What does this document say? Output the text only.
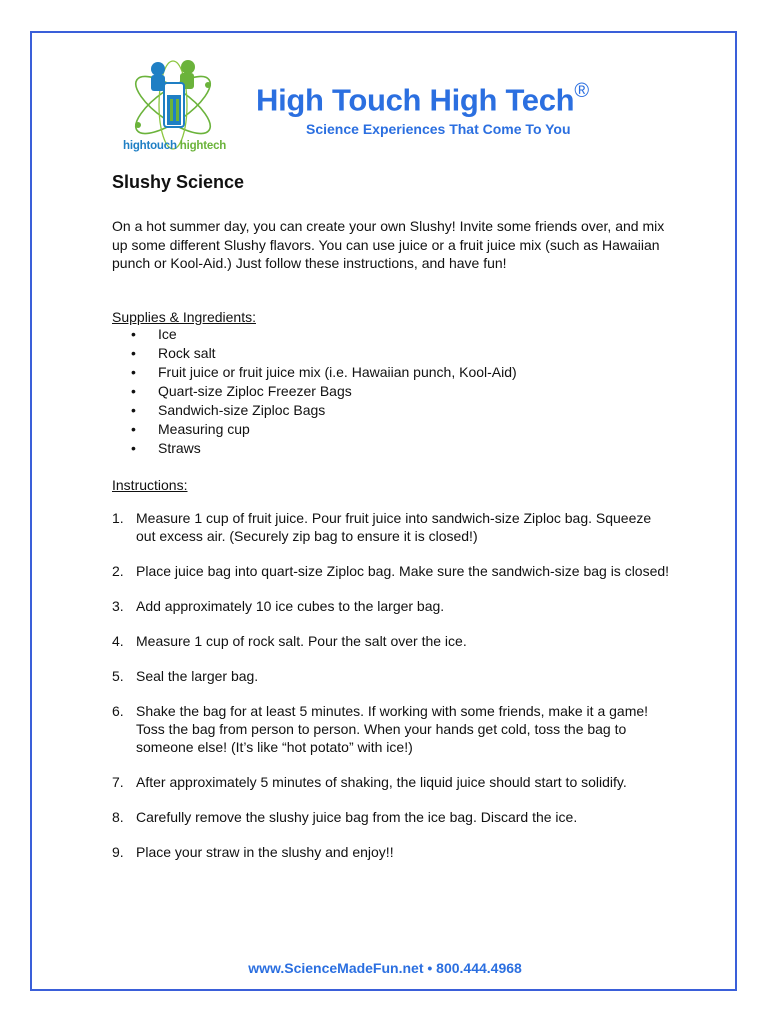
hightouch hightech
High Touch High Tech®
Science Experiences That Come To You
Slushy Science
On a hot summer day, you can create your own Slushy! Invite some friends over, and mix up some different Slushy flavors. You can use juice or a fruit juice mix (such as Hawaiian punch or Kool-Aid.) Just follow these instructions, and have fun!
Supplies & Ingredients:
• Ice
• Rock salt
• Fruit juice or fruit juice mix (i.e. Hawaiian punch, Kool-Aid)
• Quart-size Ziploc Freezer Bags
• Sandwich-size Ziploc Bags
• Measuring cup
• Straws
Instructions:
1. Measure 1 cup of fruit juice. Pour fruit juice into sandwich-size Ziploc bag. Squeeze out excess air. (Securely zip bag to ensure it is closed!)
2. Place juice bag into quart-size Ziploc bag. Make sure the sandwich-size bag is closed!
3. Add approximately 10 ice cubes to the larger bag.
4. Measure 1 cup of rock salt. Pour the salt over the ice.
5. Seal the larger bag.
6. Shake the bag for at least 5 minutes. If working with some friends, make it a game! Toss the bag from person to person. When your hands get cold, toss the bag to someone else! (It’s like “hot potato” with ice!)
7. After approximately 5 minutes of shaking, the liquid juice should start to solidify.
8. Carefully remove the slushy juice bag from the ice bag. Discard the ice.
9. Place your straw in the slushy and enjoy!!
www.ScienceMadeFun.net • 800.444.4968
